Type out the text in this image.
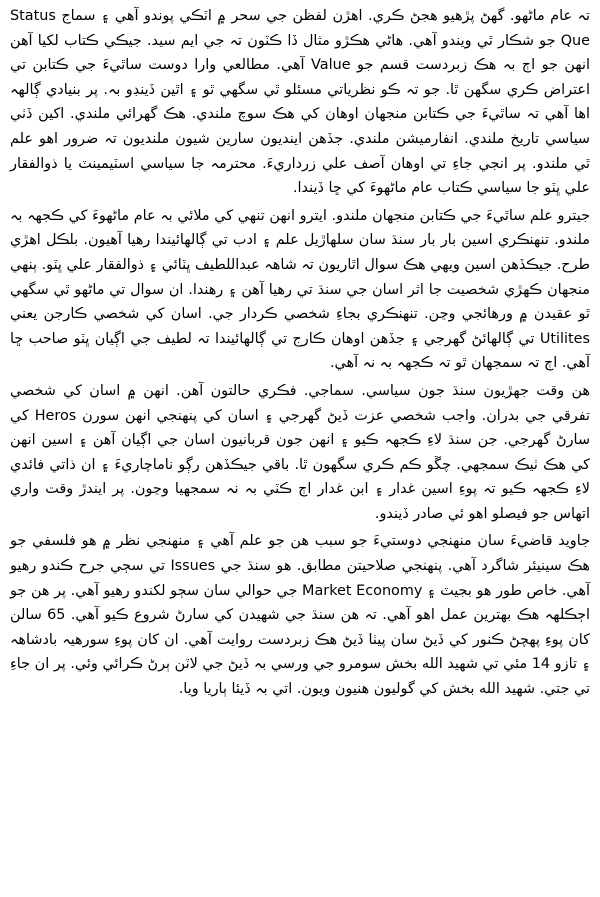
تہ عام ماڻهو. گهڻ پڙهيو هجڻ ڪري. اهڙن لفظن جي سحر ۾ اٽڪي پوندو آهي ۽ سماج Status Que جو شڪار ٿي ويندو آهي. هاڻي هڪڙو مثال ڏا ڪٽون تہ جي ايم سيد. جيڪي ڪتاب لکيا آهن انهن جو اڄ بہ هڪ زبردست قسم جو Value آهي. مطالعي وارا دوست ساٿيءَ جي ڪتابن تي اعتراض ڪري سگهن ٿا. جو تہ ڪو نظرياتي مسئلو ٿي سگهي ٿو ۽ اٿين ڏينڊو بہ. پر بنيادي ڳالهہ اها آهي تہ ساٿيءَ جي ڪتابن منجهان اوهان کي هڪ سوچ ملندي. هڪ گهرائي ملندي. اکين ڏٺي سياسي تاريخ ملندي. انفارميشن ملندي. جڏهن اينديون سارين شيون ملنديون تہ ضرور اهو علم ٿي ملندو. پر انجي جاءِ تي اوهان آصف علي زرداريءَ. محترمہ جا سياسي اسٽيمينٽ يا ذوالفقار علي ڀٽو جا سياسي ڪتاب عام ماڻهوءَ کي ڇا ڏيندا.

جيترو علم ساٿيءَ جي ڪتابن منجهان ملندو. ايترو انهن تنهي کي ملائي بہ عام ماڻهوءَ کي ڪجهہ بہ ملندو. تنهنڪري اسين بار بار سنڌ سان سلهاڙيل علم ۽ ادب تي ڳالهائيندا رهيا آهيون. بلڪل اهڙي طرح. جيڪڏهن اسين ويهي هڪ سوال اٿاريون تہ شاهہ عبداللطيف ڀٽائي ۽ ذوالفقار علي ڀٽو. ٻنهي منجهان ڪهڙي شخصيت جا اثر اسان جي سنڌ تي رهيا آهن ۽ رهندا. ان سوال تي ماڻهو ٿي سگهي ٿو عقيدن ۾ ورهائجي وڃن. تنهنڪري بجاءِ شخصي ڪردار جي. اسان کي شخصي ڪارجن يعني Utilites تي ڳالهائڻ گهرجي ۽ جڏهن اوهان ڪارج تي ڳالهائيندا تہ لطيف جي اڳيان ڀٽو صاحب ڇا آهي. اڄ تہ سمجهان ٿو تہ ڪجهہ بہ نہ آهي.

هن وقت جهڙيون سنڌ جون سياسي. سماجي. فڪري حالتون آهن. انهن ۾ اسان کي شخصي تفرقي جي بدران. واجب شخصي عزت ڏيڻ گهرجي ۽ اسان کي پنهنجي انهن سورن Heros کي سارڻ گهرجي. جن سنڌ لاءِ ڪجهہ ڪيو ۽ انهن جون قربانيون اسان جي اڳيان آهن ۽ اسين انهن کي هڪ ٺيڪ سمجهي. چڱو ڪم ڪري سگهون ٿا. باقي جيڪڏهن رڳو ناماچاريءَ ۽ ان ذاتي فائدي لاءِ ڪجهہ ڪيو تہ پوءِ اسين غدار ۽ ابن غدار اڄ ڪٽي بہ نہ سمجهيا وڃون. پر ايندڙ وقت واري اتهاس جو فيصلو اهو ئي صادر ڏيندو.

جاويد قاضيءَ سان منهنجي دوستيءَ جو سبب هن جو علم آهي ۽ منهنجي نظر ۾ هو فلسفي جو هڪ سينيئر شاگرد آهي. پنهنجي صلاحيتن مطابق. هو سنڌ جي Issues تي سڄي جرح ڪندو رهيو آهي. خاص طور هو بجيٽ ۽ Market Economy جي حوالي سان سڄو لکندو رهيو آهي. پر هن جو اڄڪلهہ هڪ بهترين عمل اهو آهي. تہ هن سنڌ جي شهيدن کي سارڻ شروع ڪيو آهي. 65 سالن کان پوءِ پهچڻ ڪنور کي ڏيڻ سان پيٺا ڏيڻ هڪ زبردست روايت آهي. ان کان پوءِ سورهيہ بادشاهہ ۽ تازو 14 مئي تي شهيد الله بخش سومرو جي ورسي بہ ڏيڻ جي لاٽن ٻرڻ ڪرائي وئي. پر ان جاءِ تي جتي. شهيد الله بخش کي گوليون هنيون ويون. اتي بہ ڏيئا ٻاريا ويا.
